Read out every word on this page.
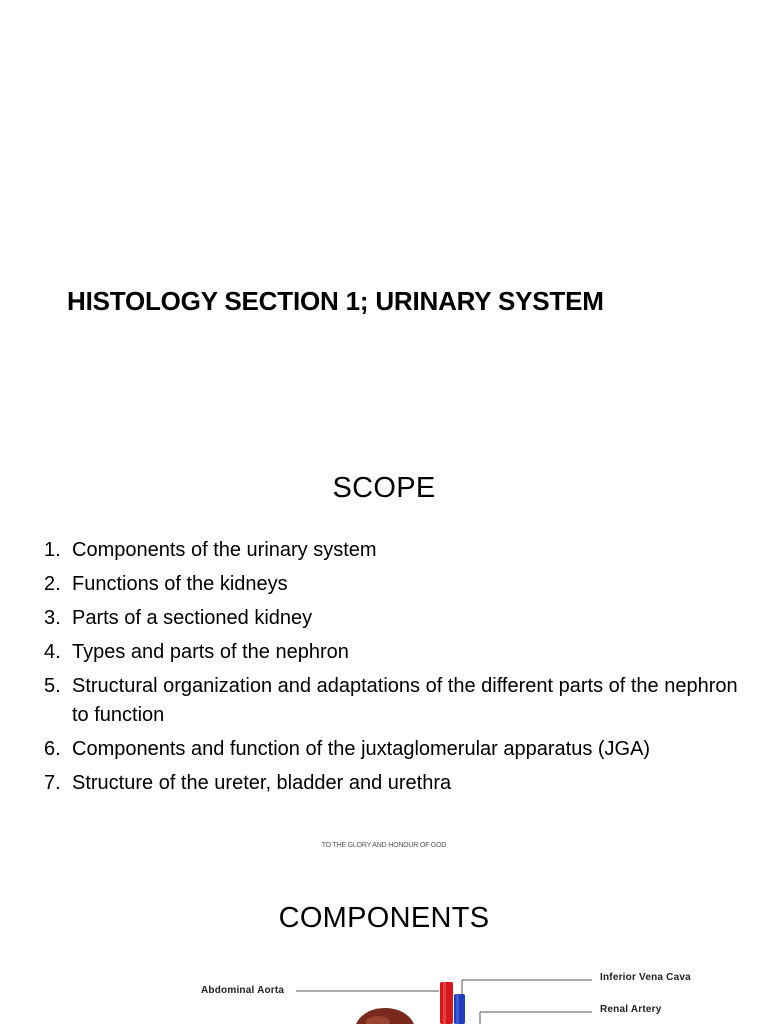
HISTOLOGY SECTION 1; URINARY SYSTEM
SCOPE
1. Components of the urinary system
2. Functions of the kidneys
3. Parts of a sectioned kidney
4. Types and parts of the nephron
5. Structural organization and adaptations of the different parts of the nephron to function
6. Components and function of the juxtaglomerular apparatus (JGA)
7. Structure of the ureter, bladder and urethra
TO THE GLORY AND HONOUR OF GOD
COMPONENTS
Abdominal Aorta
Inferior Vena Cava
Renal Artery
